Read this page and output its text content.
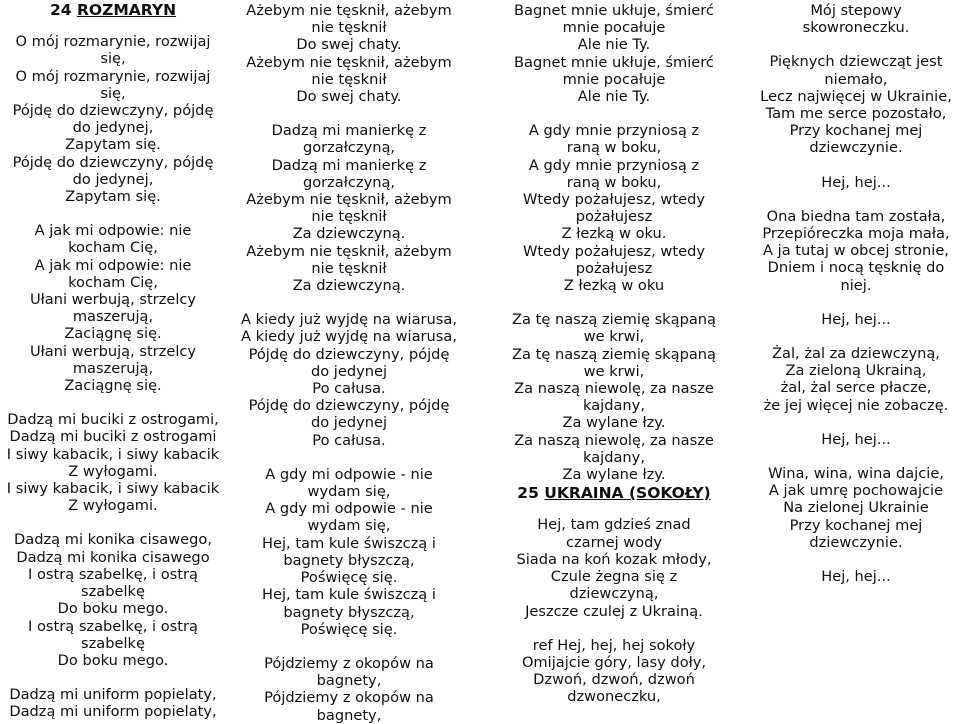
24 ROZMARYN
O mój rozmarynie, rozwijaj
się,
O mój rozmarynie, rozwijaj
się,
Pójdę do dziewczyny, pójdę
do jedynej,
Zapytam się.
Pójdę do dziewczyny, pójdę
do jedynej,
Zapytam się.
A jak mi odpowie: nie
kocham Cię,
A jak mi odpowie: nie
kocham Cię,
Ułani werbują, strzelcy
maszerują,
Zaciągnę się.
Ułani werbują, strzelcy
maszerują,
Zaciągnę się.
Dadzą mi buciki z ostrogami,
Dadzą mi buciki z ostrogami
I siwy kabacik, i siwy kabacik
Z wyłogami.
I siwy kabacik, i siwy kabacik
Z wyłogami.
Dadzą mi konika cisawego,
Dadzą mi konika cisawego
I ostrą szabelkę, i ostrą
szabelkę
Do boku mego.
I ostrą szabelkę, i ostrą
szabelkę
Do boku mego.
Dadzą mi uniform popielaty,
Dadzą mi uniform popielaty,
Ażebym nie tęsknił, ażebym
nie tęsknił
Do swej chaty.
Ażebym nie tęsknił, ażebym
nie tęsknił
Do swej chaty.
Dadzą mi manierkę z
gorzałczyną,
Dadzą mi manierkę z
gorzałczyną,
Ażebym nie tęsknił, ażebym
nie tęsknił
Za dziewczyną.
Ażebym nie tęsknił, ażebym
nie tęsknił
Za dziewczyną.
A kiedy już wyjdę na wiarusa,
A kiedy już wyjdę na wiarusa,
Pójdę do dziewczyny, pójdę
do jedynej
Po całusa.
Pójdę do dziewczyny, pójdę
do jedynej
Po całusa.
A gdy mi odpowie - nie
wydam się,
A gdy mi odpowie - nie
wydam się,
Hej, tam kule świszczą i
bagnety błyszczą,
Poświęcę się.
Hej, tam kule świszczą i
bagnety błyszczą,
Poświęcę się.
Pójdziemy z okopów na
bagnety,
Pójdziemy z okopów na
bagnety,
Bagnet mnie ukłuje, śmierć
mnie pocałuje
Ale nie Ty.
Bagnet mnie ukłuje, śmierć
mnie pocałuje
Ale nie Ty.
A gdy mnie przyniosą z
raną w boku,
A gdy mnie przyniosą z
raną w boku,
Wtedy pożałujesz, wtedy
pożałujesz
Z łezką w oku.
Wtedy pożałujesz, wtedy
pożałujesz
Z łezką w oku
Za tę naszą ziemię skąpaną
we krwi,
Za tę naszą ziemię skąpaną
we krwi,
Za naszą niewolę, za nasze
kajdany,
Za wylane łzy.
Za naszą niewolę, za nasze
kajdany,
Za wylane łzy.
25 UKRAINA (SOKOŁY)
Hej, tam gdzieś znad
czarnej wody
Siada na koń kozak młody,
Czule żegna się z
dziewczyną,
Jeszcze czulej z Ukrainą.
ref Hej, hej, hej sokoły
Omijajcie góry, lasy doły,
Dzwoń, dzwoń, dzwoń
dzwoneczku,
Mój stepowy
skowroneczku.
Pięknych dziewcząt jest
niemało,
Lecz najwięcej w Ukrainie,
Tam me serce pozostało,
Przy kochanej mej
dziewczynie.
Hej, hej...
Ona biedna tam została,
Przepióreczka moja mała,
A ja tutaj w obcej stronie,
Dniem i nocą tęsknię do
niej.
Hej, hej...
Żal, żal za dziewczyną,
Za zieloną Ukrainą,
żal, żal serce płacze,
że jej więcej nie zobaczę.
Hej, hej...
Wina, wina, wina dajcie,
A jak umrę pochowajcie
Na zielonej Ukrainie
Przy kochanej mej
dziewczynie.
Hej, hej...
